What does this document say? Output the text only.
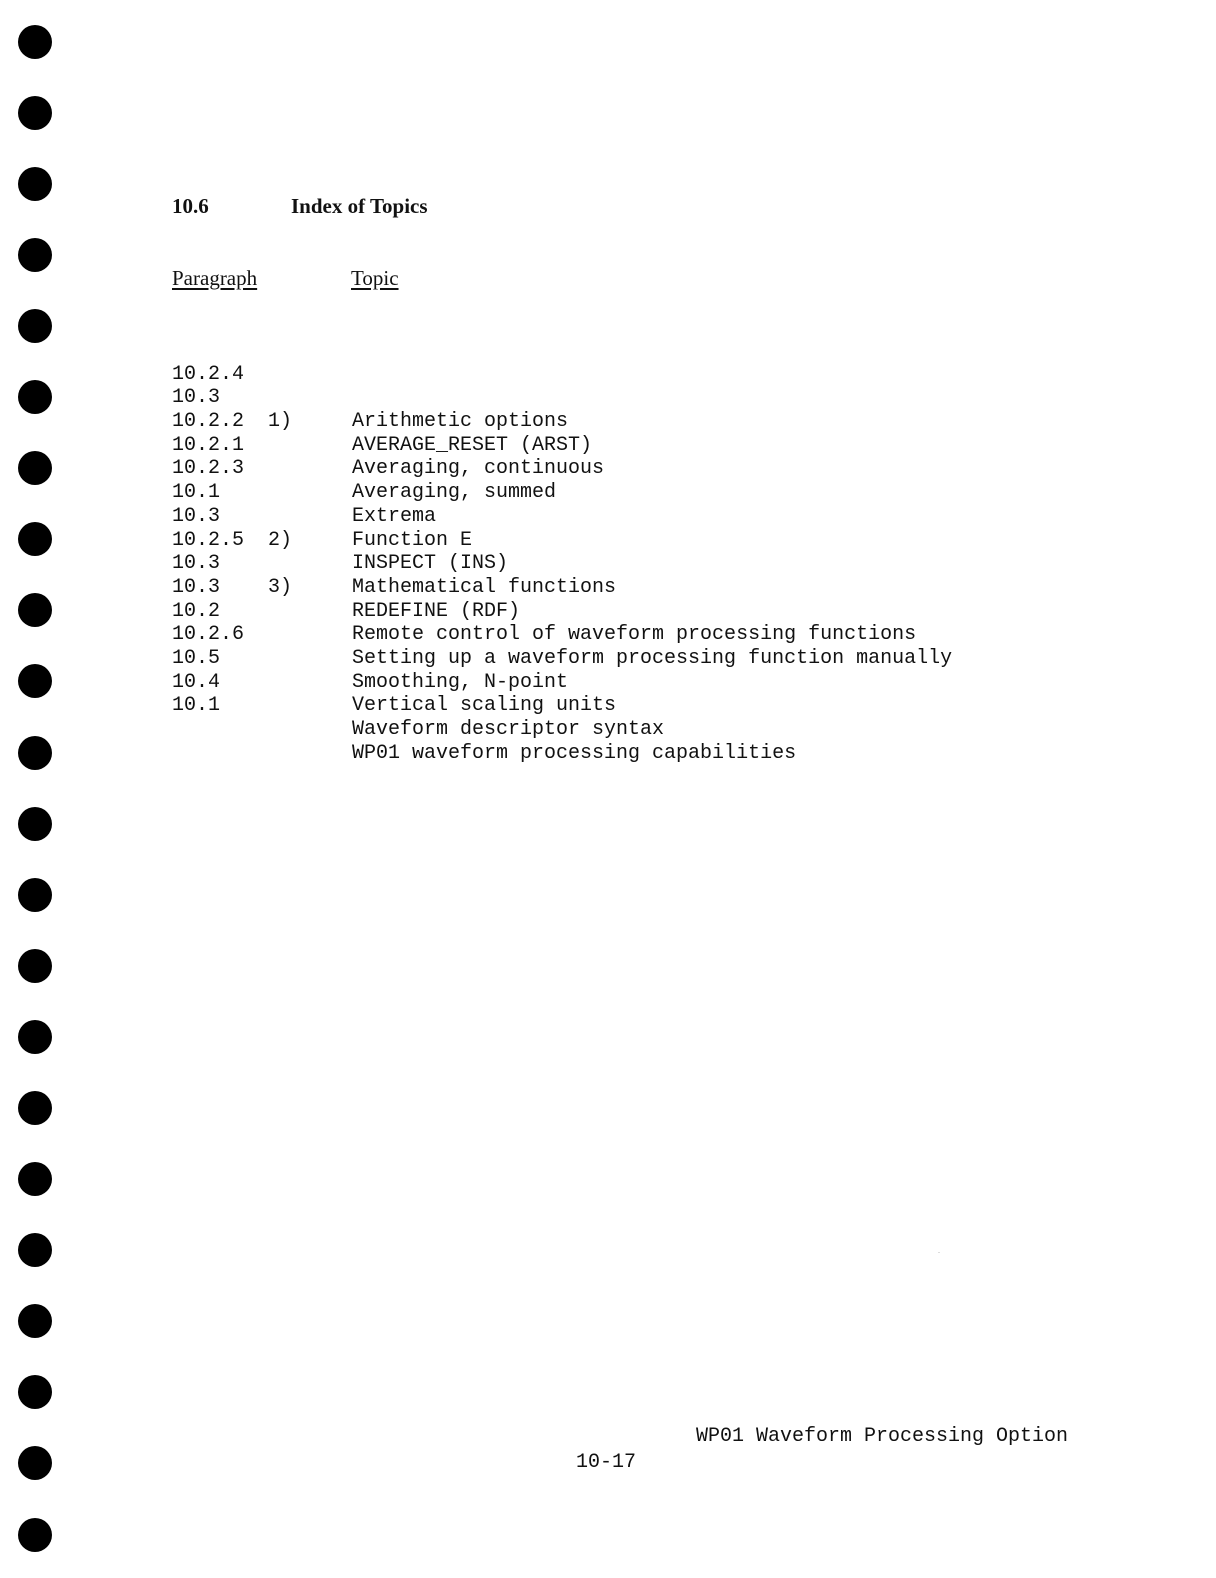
10.6

	Index of Topics

Paragraph	Topic

10.2.4

Arithmetic options

10.3

1)

AVERAGE_RESET (ARST)

10.2.2

Averaging, continuous

10.2.1

Averaging, summed

10.2.3

Extrema

10.1

Function E

10.3

2)

INSPECT (INS)

10.2.5

Mathematical functions

10.3

3)

REDEFINE (RDF)

10.3

Remote control of waveform processing functions

10.2

Setting up a waveform processing function manually

10.2.6

Smoothing, N-point

10.5

Vertical scaling units

10.4

Waveform descriptor syntax

10.1

WP01 waveform processing capabilities

WP01 Waveform Processing Option
10-17
